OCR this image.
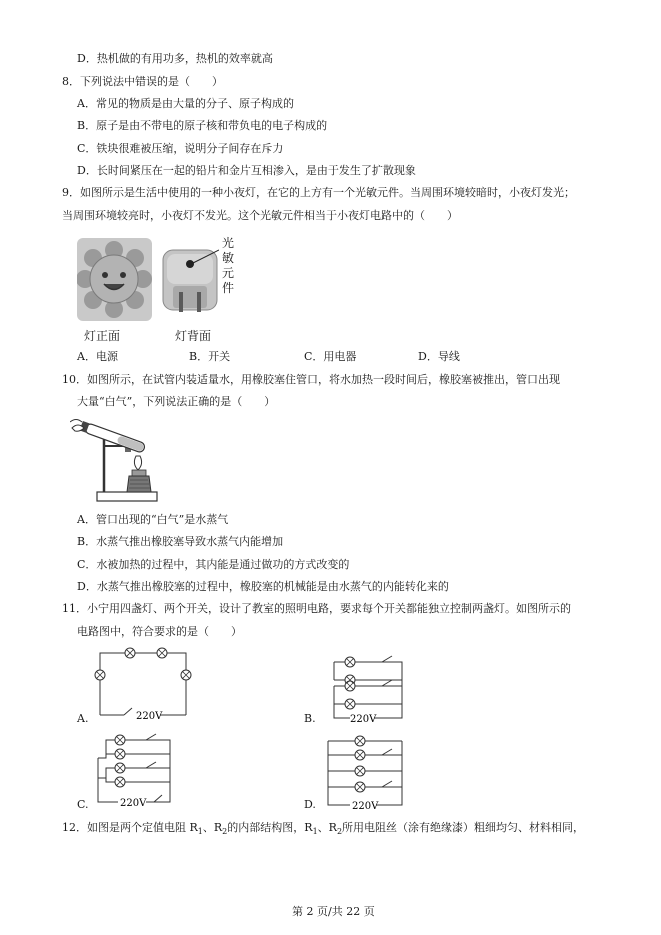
D．热机做的有用功多，热机的效率就高
8．下列说法中错误的是（　　）
A．常见的物质是由大量的分子、原子构成的
B．原子是由不带电的原子核和带负电的电子构成的
C．铁块很难被压缩，说明分子间存在斥力
D．长时间紧压在一起的铅片和金片互相渗入，是由于发生了扩散现象
9．如图所示是生活中使用的一种小夜灯，在它的上方有一个光敏元件。当周围环境较暗时，小夜灯发光；
当周围环境较亮时，小夜灯不发光。这个光敏元件相当于小夜灯电路中的（　　）
光
敏
元
件
灯正面	灯背面
A．电源	B．开关	C．用电器	D．导线
10．如图所示，在试管内装适量水，用橡胶塞住管口，将水加热一段时间后，橡胶塞被推出，管口出现
大量“白气”，下列说法正确的是（　　）
A．管口出现的“白气”是水蒸气
B．水蒸气推出橡胶塞导致水蒸气内能增加
C．水被加热的过程中，其内能是通过做功的方式改变的
D．水蒸气推出橡胶塞的过程中，橡胶塞的机械能是由水蒸气的内能转化来的
11．小宁用四盏灯、两个开关，设计了教室的照明电路，要求每个开关都能独立控制两盏灯。如图所示的
电路图中，符合要求的是（　　）
220V
A.	220V
B.
220V
C.	220V
D.
12．如图是两个定值电阻 $R_1$、$R_2$的内部结构图，$R_1$、$R_2$所用电阻丝（涂有绝缘漆）粗细均匀、材料相同，
第 2 页/共 22 页
